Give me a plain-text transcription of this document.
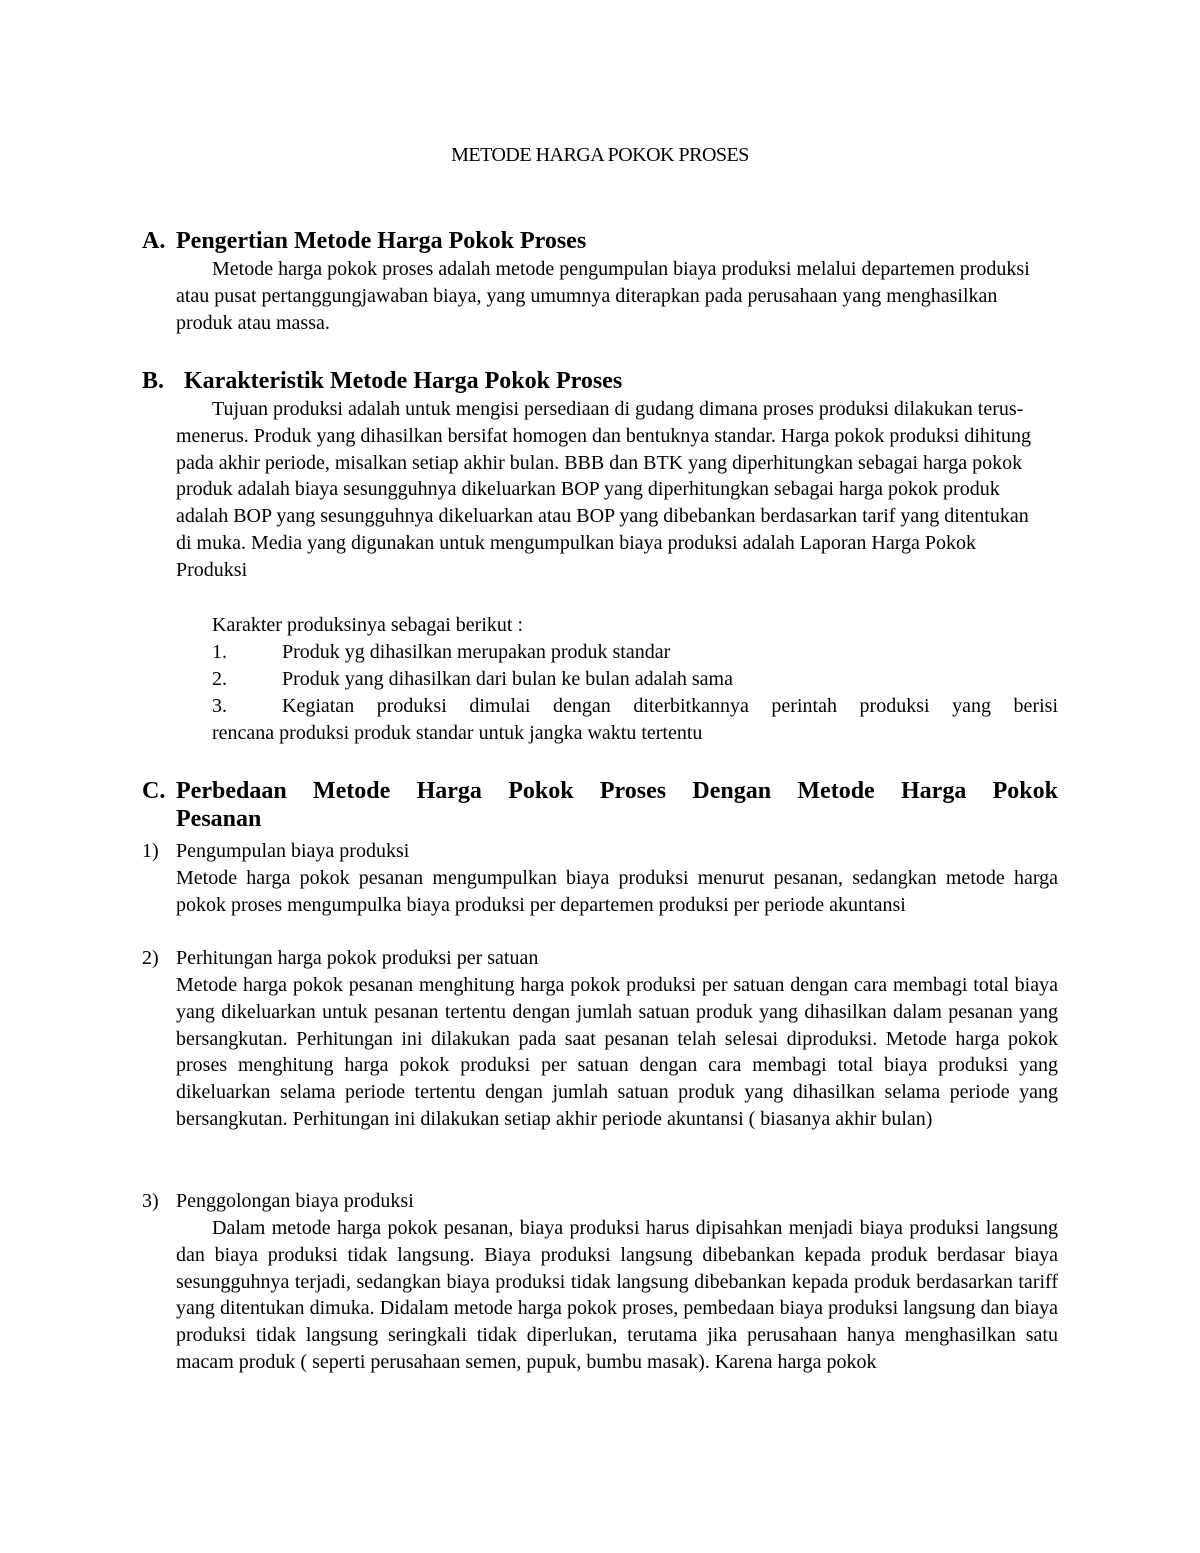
METODE HARGA POKOK PROSES
A. Pengertian Metode Harga Pokok Proses
Metode harga pokok proses adalah metode pengumpulan biaya produksi melalui departemen produksi atau pusat pertanggungjawaban biaya, yang umumnya diterapkan pada perusahaan yang menghasilkan produk atau massa.
B. Karakteristik Metode Harga Pokok Proses
Tujuan produksi adalah untuk mengisi persediaan di gudang dimana proses produksi dilakukan terus-menerus. Produk yang dihasilkan bersifat homogen dan bentuknya standar. Harga pokok produksi dihitung pada akhir periode, misalkan setiap akhir bulan. BBB dan BTK yang diperhitungkan sebagai harga pokok produk adalah biaya sesungguhnya dikeluarkan BOP yang diperhitungkan sebagai harga pokok produk adalah BOP yang sesungguhnya dikeluarkan atau BOP yang dibebankan berdasarkan tarif yang ditentukan di muka. Media yang digunakan untuk mengumpulkan biaya produksi adalah Laporan Harga Pokok Produksi
Karakter produksinya sebagai berikut :
1.	Produk yg dihasilkan merupakan produk standar
2.	Produk yang dihasilkan dari bulan ke bulan adalah sama
3.	Kegiatan produksi dimulai dengan diterbitkannya perintah produksi yang berisi
rencana produksi produk standar untuk jangka waktu tertentu
C. Perbedaan Metode Harga Pokok Proses Dengan Metode Harga Pokok
Pesanan
1) Pengumpulan biaya produksi
Metode harga pokok pesanan mengumpulkan biaya produksi menurut pesanan, sedangkan metode harga pokok proses mengumpulka biaya produksi per departemen produksi per periode akuntansi
2) Perhitungan harga pokok produksi per satuan
Metode harga pokok pesanan menghitung harga pokok produksi per satuan dengan cara membagi total biaya yang dikeluarkan untuk pesanan tertentu dengan jumlah satuan produk yang dihasilkan dalam pesanan yang bersangkutan. Perhitungan ini dilakukan pada saat pesanan telah selesai diproduksi. Metode harga pokok proses menghitung harga pokok produksi per satuan dengan cara membagi total biaya produksi yang dikeluarkan selama periode tertentu dengan jumlah satuan produk yang dihasilkan selama periode yang bersangkutan. Perhitungan ini dilakukan setiap akhir periode akuntansi ( biasanya akhir bulan)
3) Penggolongan biaya produksi
Dalam metode harga pokok pesanan, biaya produksi harus dipisahkan menjadi biaya produksi langsung dan biaya produksi tidak langsung. Biaya produksi langsung dibebankan kepada produk berdasar biaya sesungguhnya terjadi, sedangkan biaya produksi tidak langsung dibebankan kepada produk berdasarkan tariff yang ditentukan dimuka. Didalam metode harga pokok proses, pembedaan biaya produksi langsung dan biaya produksi tidak langsung seringkali tidak diperlukan, terutama jika perusahaan hanya menghasilkan satu macam produk ( seperti perusahaan semen, pupuk, bumbu masak). Karena harga pokok
